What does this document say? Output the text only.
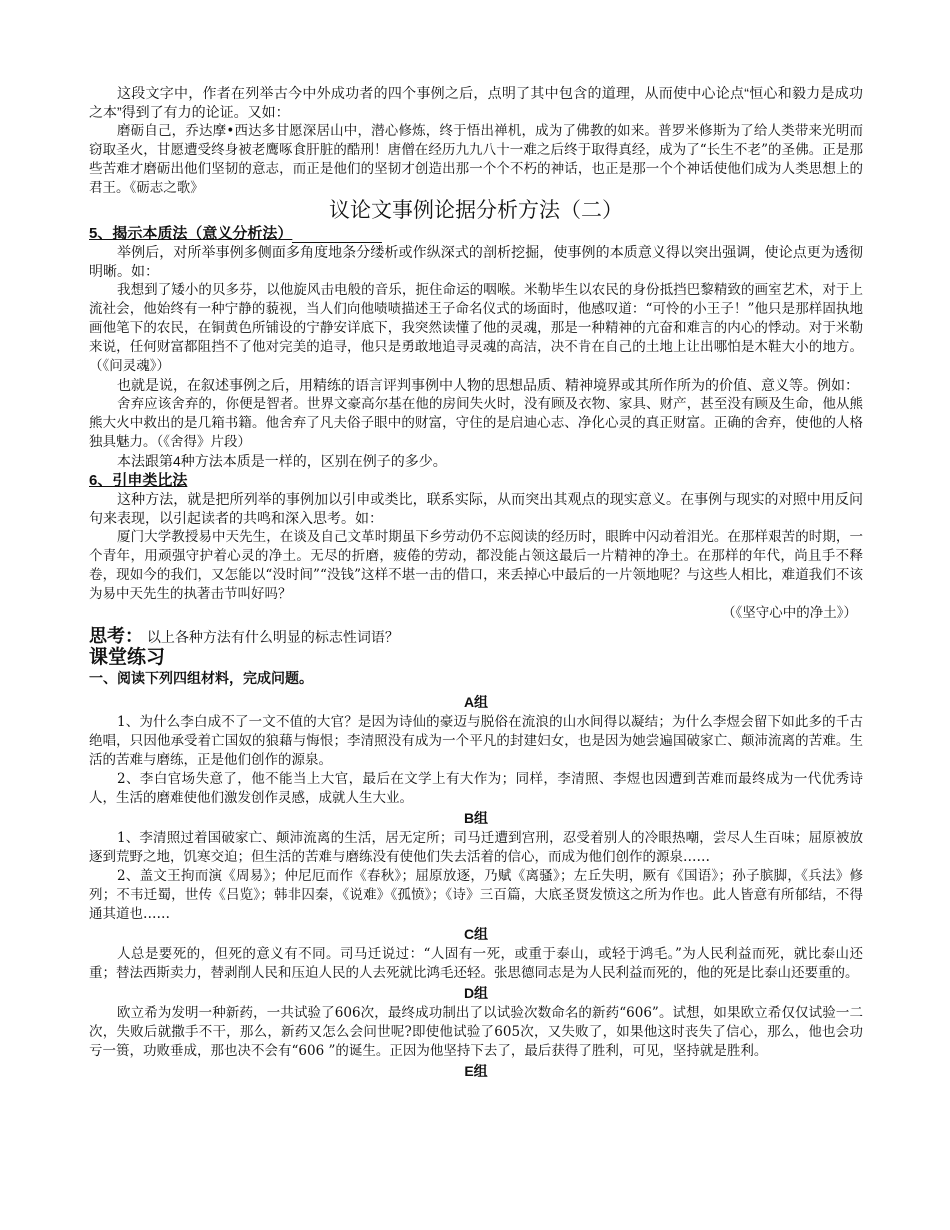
这段文字中，作者在列举古今中外成功者的四个事例之后，点明了其中包含的道理，从而使中心论点“恒心和毅力是成功之本”得到了有力的论证。又如：

磨砺自己，乔达摩•西达多甘愿深居山中，潜心修炼，终于悟出禅机，成为了佛教的如来。普罗米修斯为了给人类带来光明而窃取圣火，甘愿遭受终身被老鹰啄食肝脏的酷刑！唐僧在经历九九八十一难之后终于取得真经，成为了“长生不老”的圣佛。正是那些苦难才磨砺出他们坚韧的意志，而正是他们的坚韧才创造出那一个个不朽的神话，也正是那一个个神话使他们成为人类思想上的君王。《砺志之歌》

议论文事例论据分析方法（二）
5、揭示本质法（意义分析法）

举例后，对所举事例多侧面多角度地条分缕析或作纵深式的剖析挖掘，使事例的本质意义得以突出强调，使论点更为透彻明晰。如：

我想到了矮小的贝多芬，以他旋风击电般的音乐，扼住命运的咽喉。米勒毕生以农民的身份抵挡巴黎精致的画室艺术，对于上流社会，他始终有一种宁静的藐视，当人们向他啧啧描述王子命名仪式的场面时，他感叹道：“可怜的小王子！”他只是那样固执地画他笔下的农民，在铜黄色所铺设的宁静安详底下，我突然读懂了他的灵魂，那是一种精神的亢奋和难言的内心的悸动。对于米勒来说，任何财富都阻挡不了他对完美的追寻，他只是勇敢地追寻灵魂的高洁，决不肯在自己的土地上让出哪怕是木鞋大小的地方。（《问灵魂》）

也就是说，在叙述事例之后，用精练的语言评判事例中人物的思想品质、精神境界或其所作所为的价值、意义等。例如：

舍弃应该舍弃的，你便是智者。世界文豪高尔基在他的房间失火时，没有顾及衣物、家具、财产，甚至没有顾及生命，他从熊熊大火中救出的是几箱书籍。他舍弃了凡夫俗子眼中的财富，守住的是启迪心志、净化心灵的真正财富。正确的舍弃，使他的人格独具魅力。（《舍得》片段）

本法跟第4种方法本质是一样的，区别在例子的多少。

6、引申类比法

这种方法，就是把所列举的事例加以引申或类比，联系实际，从而突出其观点的现实意义。在事例与现实的对照中用反问句来表现，以引起读者的共鸣和深入思考。如：

厦门大学教授易中天先生，在谈及自己文革时期虽下乡劳动仍不忘阅读的经历时，眼眸中闪动着泪光。在那样艰苦的时期，一个青年，用顽强守护着心灵的净土。无尽的折磨，疲倦的劳动，都没能占领这最后一片精神的净土。在那样的年代，尚且手不释卷，现如今的我们，又怎能以“没时间”“没钱”这样不堪一击的借口，来丢掉心中最后的一片领地呢？与这些人相比，难道我们不该为易中天先生的执著击节叫好吗？

（《坚守心中的净土》）

思考： 以上各种方法有什么明显的标志性词语？
课堂练习
一、阅读下列四组材料，完成问题。
A组

1、为什么李白成不了一文不值的大官？是因为诗仙的豪迈与脱俗在流浪的山水间得以凝结；为什么李煜会留下如此多的千古绝唱，只因他承受着亡国奴的狼藉与悔恨；李清照没有成为一个平凡的封建妇女，也是因为她尝遍国破家亡、颠沛流离的苦难。生活的苦难与磨练，正是他们创作的源泉。

2、李白官场失意了，他不能当上大官，最后在文学上有大作为；同样，李清照、李煜也因遭到苦难而最终成为一代优秀诗人，生活的磨难使他们激发创作灵感，成就人生大业。

B组

1、李清照过着国破家亡、颠沛流离的生活，居无定所；司马迁遭到宫刑，忍受着别人的冷眼热嘲，尝尽人生百味；屈原被放逐到荒野之地，饥寒交迫；但生活的苦难与磨练没有使他们失去活着的信心，而成为他们创作的源泉……

2、盖文王拘而演《周易》；仲尼厄而作《春秋》；屈原放逐，乃赋《离骚》；左丘失明，厥有《国语》；孙子膑脚，《兵法》修列；不韦迁蜀，世传《吕览》；韩非囚秦，《说难》《孤愤》；《诗》三百篇，大底圣贤发愤这之所为作也。此人皆意有所郁结，不得通其道也……

C组

人总是要死的，但死的意义有不同。司马迁说过：“人固有一死，或重于泰山，或轻于鸿毛。”为人民利益而死，就比泰山还重；替法西斯卖力，替剥削人民和压迫人民的人去死就比鸿毛还轻。张思德同志是为人民利益而死的，他的死是比泰山还要重的。

D组

欧立希为发明一种新药，一共试验了606次，最终成功制出了以试验次数命名的新药“606”。试想，如果欧立希仅仅试验一二次，失败后就撒手不干，那么，新药又怎么会问世呢?即使他试验了605次，又失败了，如果他这时丧失了信心，那么，他也会功亏一篑，功败垂成，那也决不会有“606 ”的诞生。正因为他坚持下去了，最后获得了胜利，可见，坚持就是胜利。

E组
